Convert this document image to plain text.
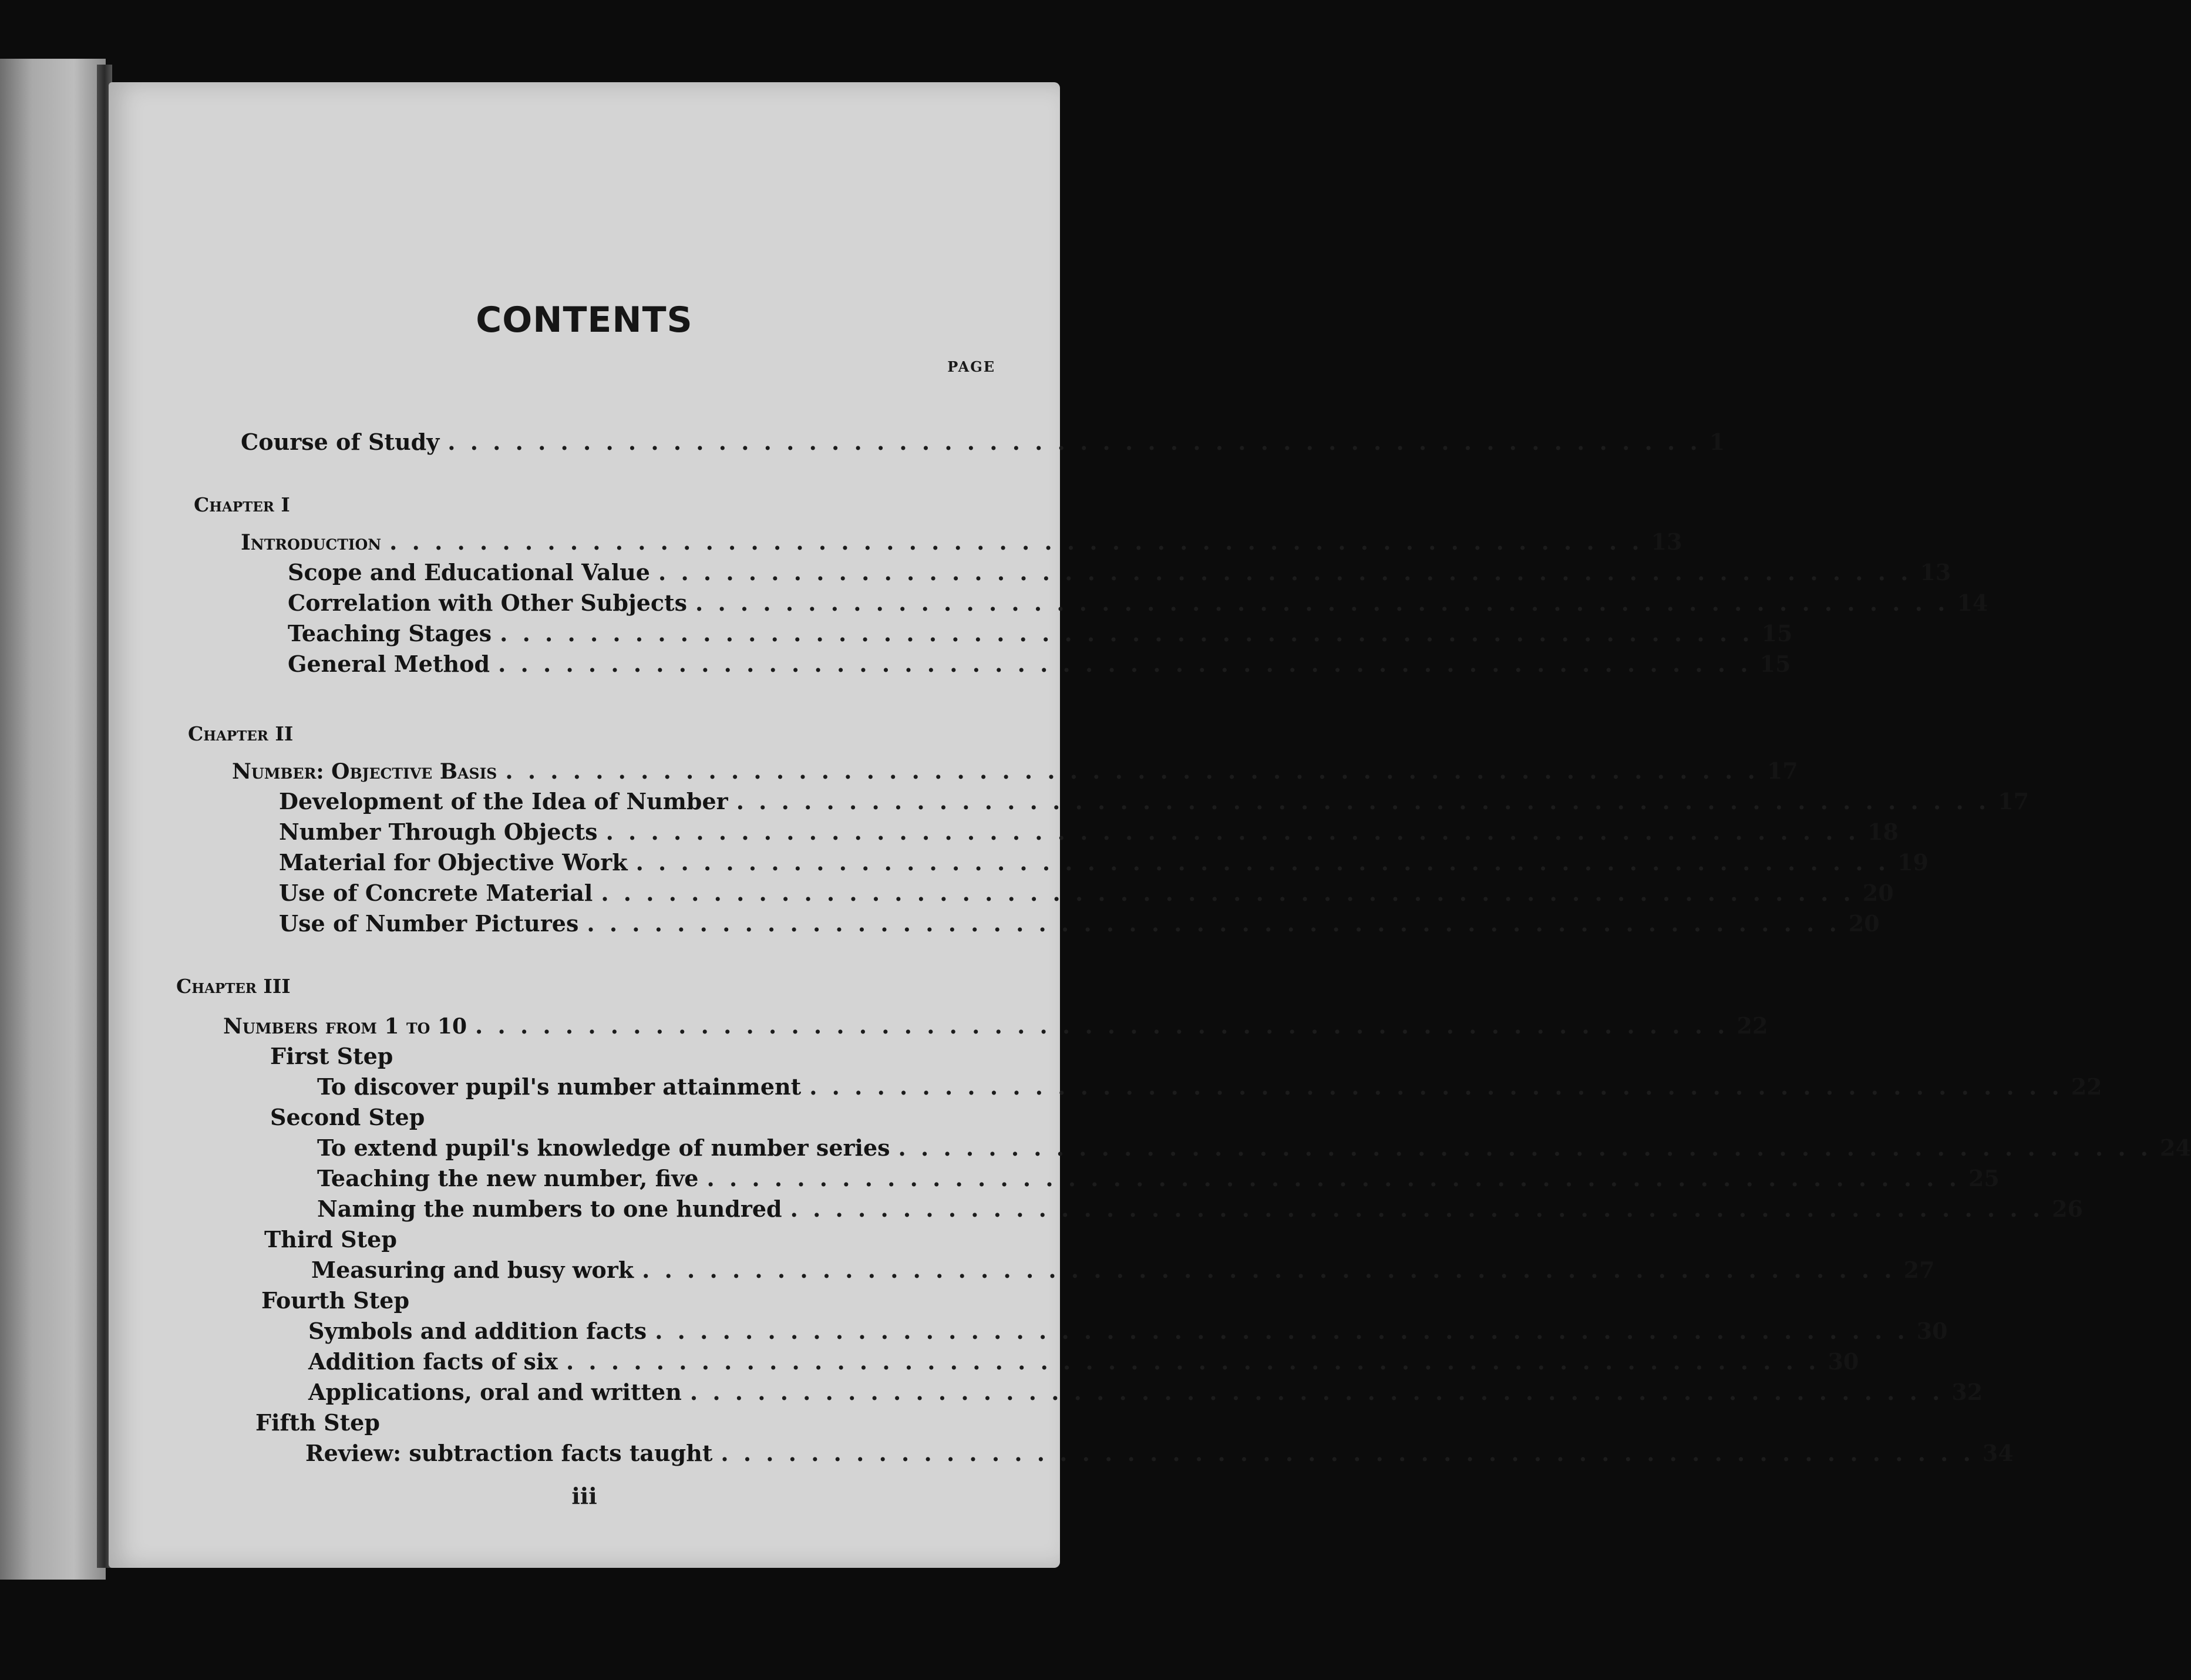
CONTENTS
PAGE
Course of Study . . . . . . . . . . . . . . . . . . . . . . . . . . . . . . . . . . . . . . . . . . . . . . . . . . . . . . . . 1
Chapter I
Introduction . . . . . . . . . . . . . . . . . . . . . . . . . . . . . . . . . . . . . . . . . . . . . . . . . . . . . . . . 13
Scope and Educational Value . . . . . . . . . . . . . . . . . . . . . . . . . . . . . . . . . . . . . . . . . . . . . . . . . . . . . . . . 13
Correlation with Other Subjects . . . . . . . . . . . . . . . . . . . . . . . . . . . . . . . . . . . . . . . . . . . . . . . . . . . . . . . . 14
Teaching Stages . . . . . . . . . . . . . . . . . . . . . . . . . . . . . . . . . . . . . . . . . . . . . . . . . . . . . . . . 15
General Method . . . . . . . . . . . . . . . . . . . . . . . . . . . . . . . . . . . . . . . . . . . . . . . . . . . . . . . . 15
Chapter II
Number: Objective Basis . . . . . . . . . . . . . . . . . . . . . . . . . . . . . . . . . . . . . . . . . . . . . . . . . . . . . . . . 17
Development of the Idea of Number . . . . . . . . . . . . . . . . . . . . . . . . . . . . . . . . . . . . . . . . . . . . . . . . . . . . . . . . 17
Number Through Objects . . . . . . . . . . . . . . . . . . . . . . . . . . . . . . . . . . . . . . . . . . . . . . . . . . . . . . . . 18
Material for Objective Work . . . . . . . . . . . . . . . . . . . . . . . . . . . . . . . . . . . . . . . . . . . . . . . . . . . . . . . . 19
Use of Concrete Material . . . . . . . . . . . . . . . . . . . . . . . . . . . . . . . . . . . . . . . . . . . . . . . . . . . . . . . . 20
Use of Number Pictures . . . . . . . . . . . . . . . . . . . . . . . . . . . . . . . . . . . . . . . . . . . . . . . . . . . . . . . . 20
Chapter III
Numbers from 1 to 10 . . . . . . . . . . . . . . . . . . . . . . . . . . . . . . . . . . . . . . . . . . . . . . . . . . . . . . . . 22
First Step
To discover pupil's number attainment . . . . . . . . . . . . . . . . . . . . . . . . . . . . . . . . . . . . . . . . . . . . . . . . . . . . . . . . 22
Second Step
To extend pupil's knowledge of number series . . . . . . . . . . . . . . . . . . . . . . . . . . . . . . . . . . . . . . . . . . . . . . . . . . . . . . . . 24
Teaching the new number, five . . . . . . . . . . . . . . . . . . . . . . . . . . . . . . . . . . . . . . . . . . . . . . . . . . . . . . . . 25
Naming the numbers to one hundred . . . . . . . . . . . . . . . . . . . . . . . . . . . . . . . . . . . . . . . . . . . . . . . . . . . . . . . . 26
Third Step
Measuring and busy work . . . . . . . . . . . . . . . . . . . . . . . . . . . . . . . . . . . . . . . . . . . . . . . . . . . . . . . . 27
Fourth Step
Symbols and addition facts . . . . . . . . . . . . . . . . . . . . . . . . . . . . . . . . . . . . . . . . . . . . . . . . . . . . . . . . 30
Addition facts of six . . . . . . . . . . . . . . . . . . . . . . . . . . . . . . . . . . . . . . . . . . . . . . . . . . . . . . . . 30
Applications, oral and written . . . . . . . . . . . . . . . . . . . . . . . . . . . . . . . . . . . . . . . . . . . . . . . . . . . . . . . . 32
Fifth Step
Review: subtraction facts taught . . . . . . . . . . . . . . . . . . . . . . . . . . . . . . . . . . . . . . . . . . . . . . . . . . . . . . . . 34
iii
